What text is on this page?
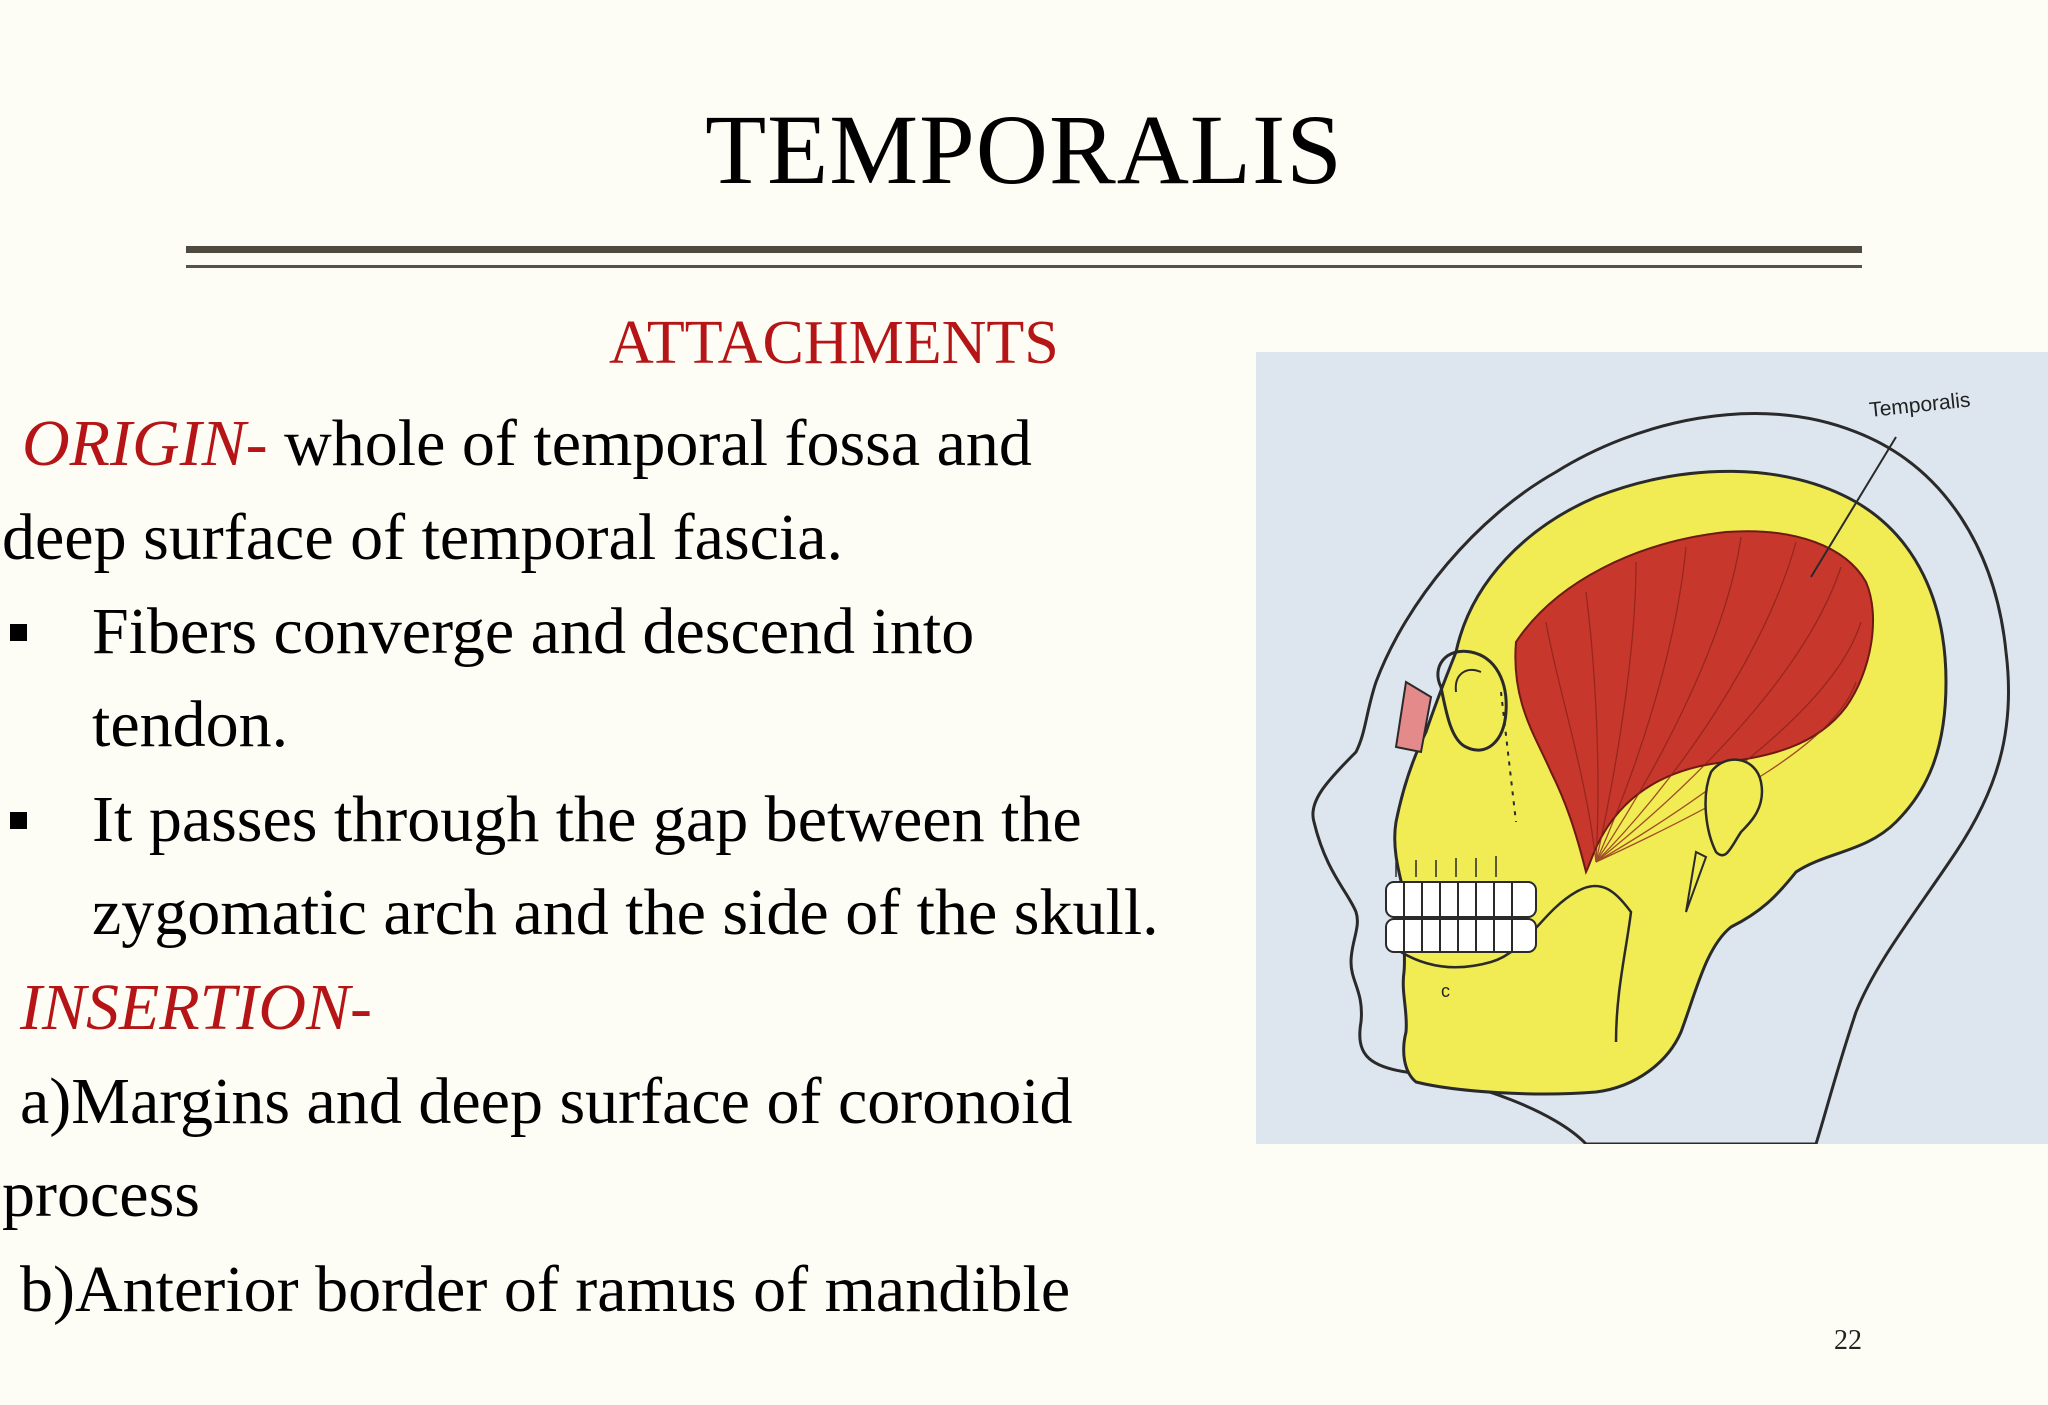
TEMPORALIS
ATTACHMENTS
ORIGIN- whole of temporal fossa and
deep surface of temporal fascia.
Fibers converge and descend into
tendon.
It passes through the gap between the
zygomatic arch and the side of the skull.
INSERTION-
a)Margins and deep surface of coronoid
process
b)Anterior border of ramus of mandible
22
Temporalis
c
